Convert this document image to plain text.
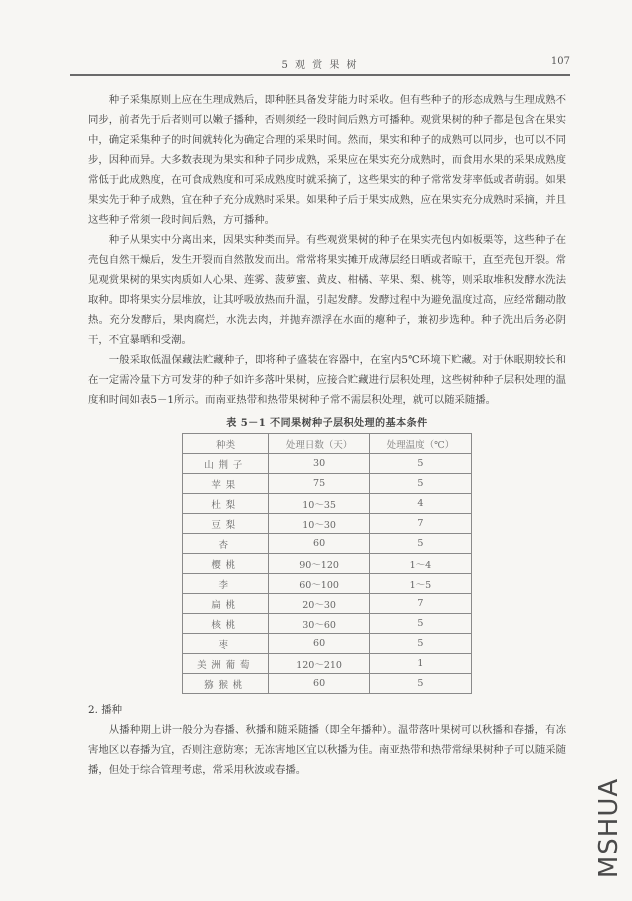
5 观 赏 果 树	107

种子采集原则上应在生理成熟后，即种胚具备发芽能力时采收。但有些种子的形态成熟与生理成熟不同步，前者先于后者则可以嫩子播种，否则须经一段时间后熟方可播种。观赏果树的种子都是包含在果实中，确定采集种子的时间就转化为确定合理的采果时间。然而，果实和种子的成熟可以同步，也可以不同步，因种而异。大多数表现为果实和种子同步成熟，采果应在果实充分成熟时，而食用水果的采果成熟度常低于此成熟度，在可食成熟度和可采成熟度时就采摘了，这些果实的种子常常发芽率低或者萌弱。如果果实先于种子成熟，宜在种子充分成熟时采果。如果种子后于果实成熟，应在果实充分成熟时采摘，并且这些种子常须一段时间后熟，方可播种。

种子从果实中分离出来，因果实种类而异。有些观赏果树的种子在果实壳包内如板栗等，这些种子在壳包自然干燥后，发生开裂而自然散发而出。常常将果实摊开成薄层经日晒或者晾干，直至壳包开裂。常见观赏果树的果实肉质如人心果、莲雾、菠萝蜜、黄皮、柑橘、苹果、梨、桃等，则采取堆积发酵水洗法取种。即将果实分层堆放，让其呼吸放热而升温，引起发酵。发酵过程中为避免温度过高，应经常翻动散热。充分发酵后，果肉腐烂，水洗去肉，并抛弃漂浮在水面的瘪种子，兼初步选种。种子洗出后务必阴干，不宜暴晒和受潮。

一般采取低温保藏法贮藏种子，即将种子盛装在容器中，在室内5℃环境下贮藏。对于休眠期较长和在一定需冷量下方可发芽的种子如许多落叶果树，应接合贮藏进行层积处理，这些树种种子层积处理的温度和时间如表5－1所示。而南亚热带和热带果树种子常不需层积处理，就可以随采随播。

表 5－1 不同果树种子层积处理的基本条件
种类	处理日数（天）	处理温度（℃）
山荆子	30	5
苹果	75	5
杜梨	10～35	4
豆梨	10～30	7
杏	60	5
樱桃	90～120	1～4
李	60～100	1～5
扁桃	20～30	7
核桃	30～60	5
枣	60	5
美洲葡萄	120～210	1
猕猴桃	60	5

2. 播种

从播种期上讲一般分为春播、秋播和随采随播（即全年播种）。温带落叶果树可以秋播和春播，有冻害地区以春播为宜，否则注意防寒；无冻害地区宜以秋播为佳。南亚热带和热带常绿果树种子可以随采随播，但处于综合管理考虑，常采用秋波或春播。

MSHUA
